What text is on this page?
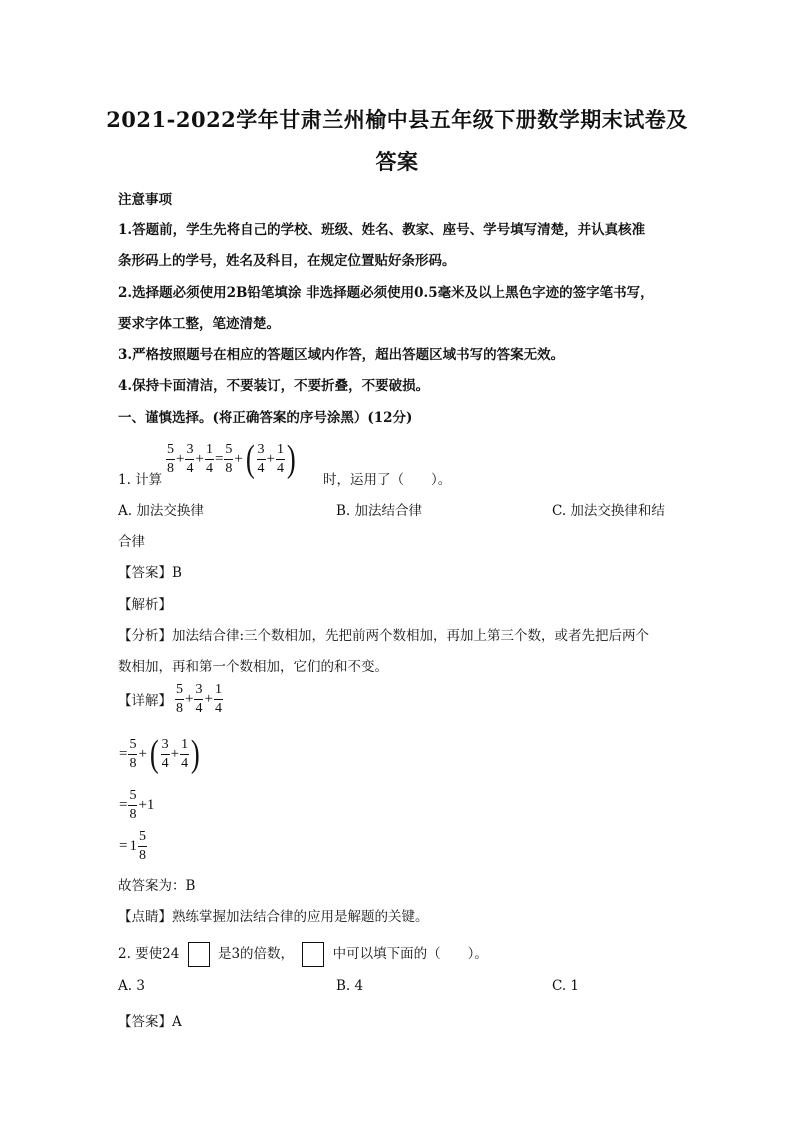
2021-2022学年甘肃兰州榆中县五年级下册数学期末试卷及
答案
注意事项
1.答题前，学生先将自己的学校、班级、姓名、教家、座号、学号填写清楚，并认真核准
条形码上的学号，姓名及科目，在规定位置贴好条形码。
2.选择题必须使用2B铅笔填涂 非选择题必须使用0.5毫米及以上黑色字迹的签字笔书写，
要求字体工整，笔迹清楚。
3.严格按照题号在相应的答题区域内作答，超出答题区域书写的答案无效。
4.保持卡面清洁，不要装订，不要折叠，不要破损。
一、谨慎选择。(将正确答案的序号涂黑）(12分)
1. 计算
$\frac{5}{8} + \frac{3}{4} + \frac{1}{4} = \frac{5}{8}$ + ( $\frac{3}{4} + \frac{1}{4}$ ) 时，运用了（　　）。
A. 加法交换律	B. 加法结合律	C. 加法交换律和结
合律
【答案】B
【解析】
【分析】加法结合律:三个数相加，先把前两个数相加，再加上第三个数，或者先把后两个
数相加，再和第一个数相加，它们的和不变。
【详解】 $\frac{5}{8} + \frac{3}{4} + \frac{1}{4}$
= $\frac{5}{8}$ + ( $\frac{3}{4} + \frac{1}{4}$ )
= $\frac{5}{8} +1$
= $1 \frac{5}{8}$
故答案为：B
【点睛】熟练掌握加法结合律的应用是解题的关键。
2. 要使24	是3的倍数，	中可以填下面的（　　）。
A. 3	B. 4	C. 1
【答案】A
